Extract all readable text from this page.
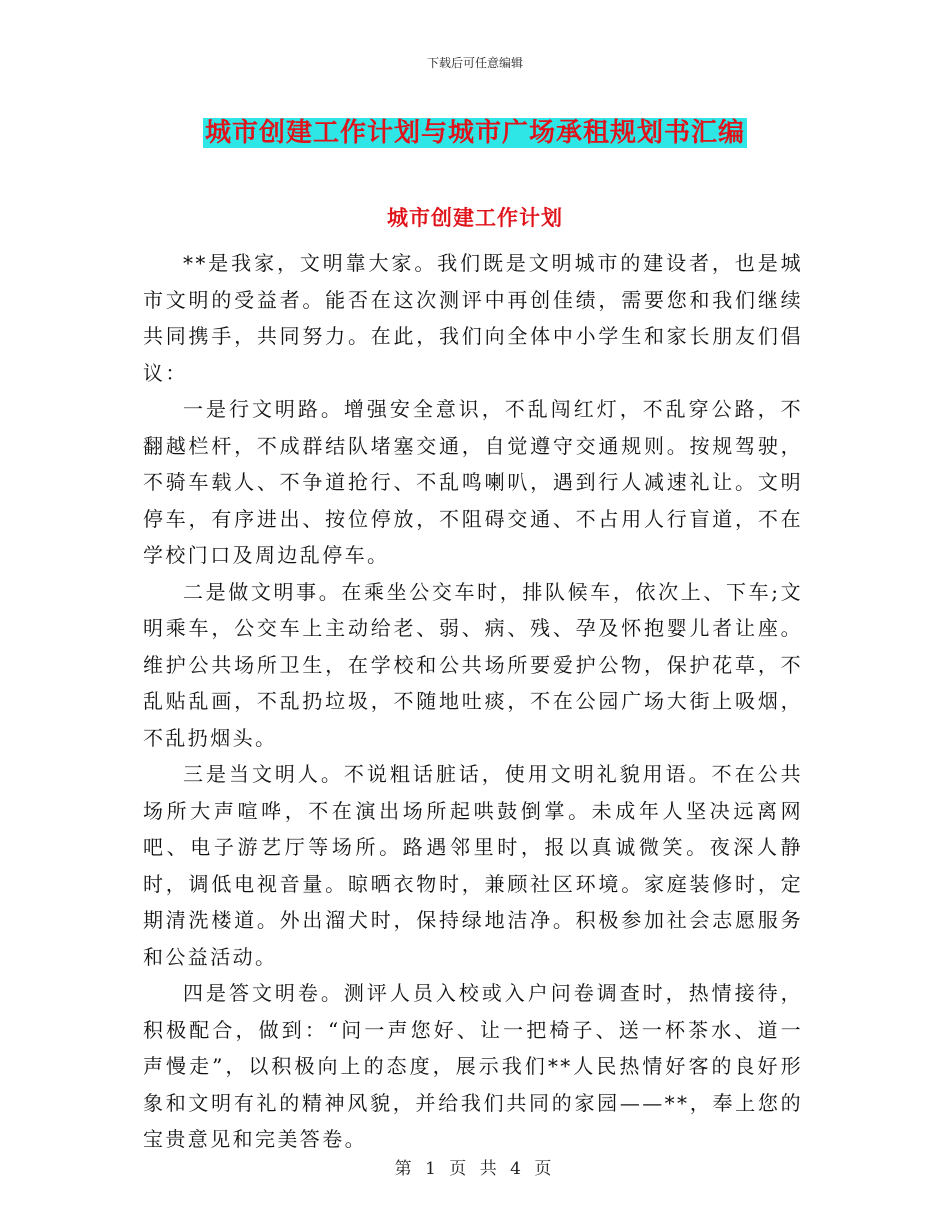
下载后可任意编辑
城市创建工作计划与城市广场承租规划书汇编
城市创建工作计划

**是我家，文明靠大家。我们既是文明城市的建设者，也是城市文明的受益者。能否在这次测评中再创佳绩，需要您和我们继续共同携手，共同努力。在此，我们向全体中小学生和家长朋友们倡议：

一是行文明路。增强安全意识，不乱闯红灯，不乱穿公路，不翻越栏杆，不成群结队堵塞交通，自觉遵守交通规则。按规驾驶，不骑车载人、不争道抢行、不乱鸣喇叭，遇到行人减速礼让。文明停车，有序进出、按位停放，不阻碍交通、不占用人行盲道，不在学校门口及周边乱停车。

二是做文明事。在乘坐公交车时，排队候车，依次上、下车;文明乘车，公交车上主动给老、弱、病、残、孕及怀抱婴儿者让座。维护公共场所卫生，在学校和公共场所要爱护公物，保护花草，不乱贴乱画，不乱扔垃圾，不随地吐痰，不在公园广场大街上吸烟，不乱扔烟头。

三是当文明人。不说粗话脏话，使用文明礼貌用语。不在公共场所大声喧哗，不在演出场所起哄鼓倒掌。未成年人坚决远离网吧、电子游艺厅等场所。路遇邻里时，报以真诚微笑。夜深人静时，调低电视音量。晾晒衣物时，兼顾社区环境。家庭装修时，定期清洗楼道。外出溜犬时，保持绿地洁净。积极参加社会志愿服务和公益活动。

四是答文明卷。测评人员入校或入户问卷调查时，热情接待，积极配合，做到：“问一声您好、让一把椅子、送一杯茶水、道一声慢走”，以积极向上的态度，展示我们**人民热情好客的良好形象和文明有礼的精神风貌，并给我们共同的家园——**，奉上您的宝贵意见和完美答卷。

第 1 页 共 4 页
